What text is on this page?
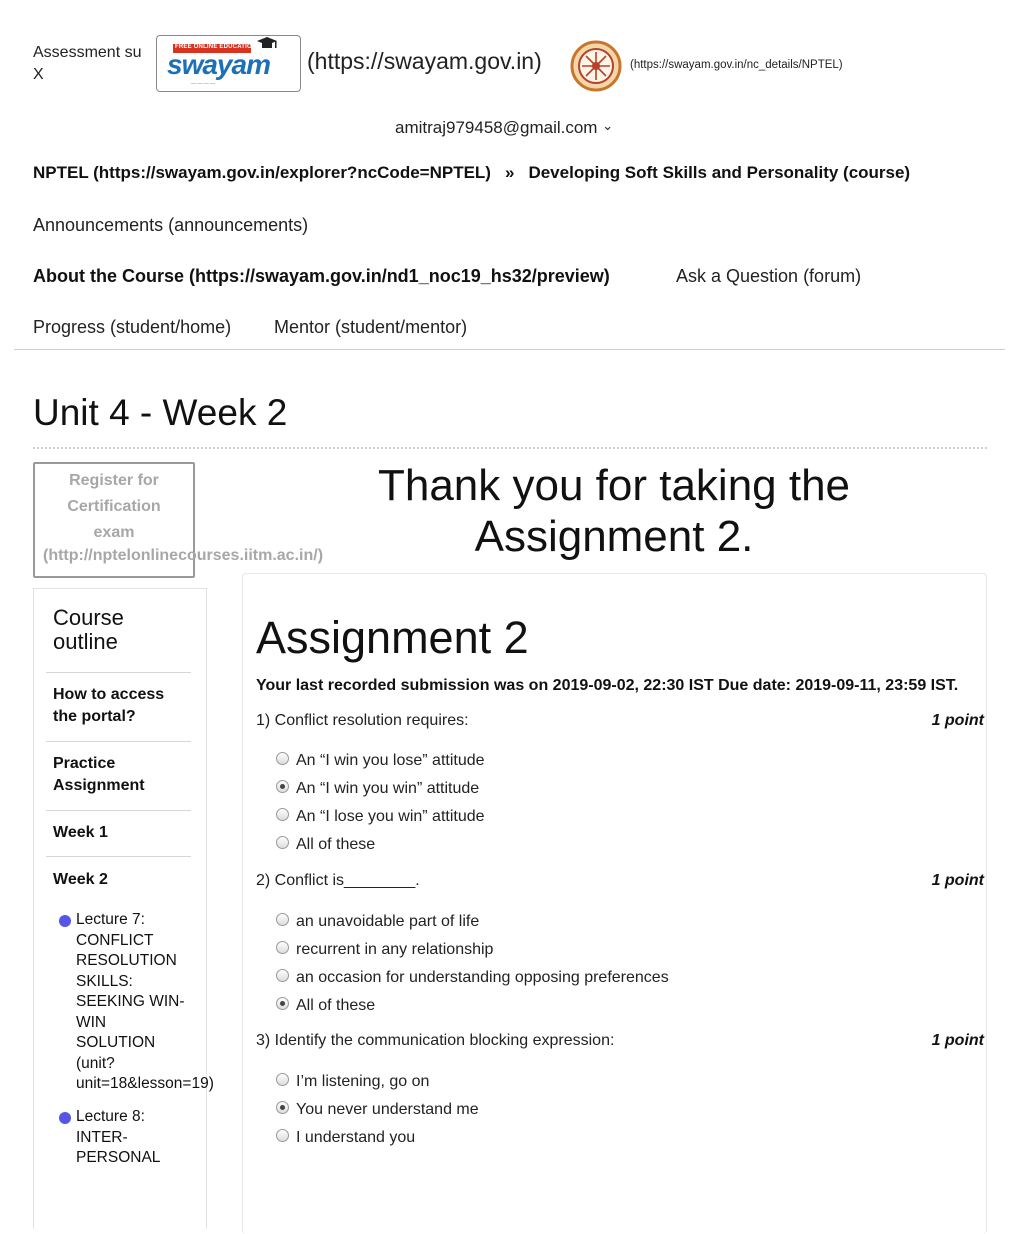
Assessment su
X
FREE ONLINE EDUCATION
swayam
— — — —
(https://swayam.gov.in)	(https://swayam.gov.in/nc_details/NPTEL)
amitraj979458@gmail.com ⌄
NPTEL (https://swayam.gov.in/explorer?ncCode=NPTEL) » Developing Soft Skills and Personality (course)
Announcements (announcements)
About the Course (https://swayam.gov.in/nd1_noc19_hs32/preview)	Ask a Question (forum)
Progress (student/home) Mentor (student/mentor)
Unit 4 - Week 2
Register for
Certification
exam
(http://nptelonlinecourses.iitm.ac.in/)
Thank you for taking the
Assignment 2.
Course
outline
How to access
the portal?
Practice
Assignment
Week 1
Week 2
Lecture 7:
CONFLICT
RESOLUTION
SKILLS:
SEEKING WIN-
WIN
SOLUTION
(unit?
unit=18&lesson=19)
Lecture 8:
INTER-
PERSONAL
Assignment 2
Your last recorded submission was on 2019-09-02, 22:30 IST Due date: 2019-09-11, 23:59 IST.
1) Conflict resolution requires:	1 point
An “I win you lose” attitude
An “I win you win” attitude
An “I lose you win” attitude
All of these
2) Conflict is________.	1 point
an unavoidable part of life
recurrent in any relationship
an occasion for understanding opposing preferences
All of these
3) Identify the communication blocking expression:	1 point
I’m listening, go on
You never understand me
I understand you
